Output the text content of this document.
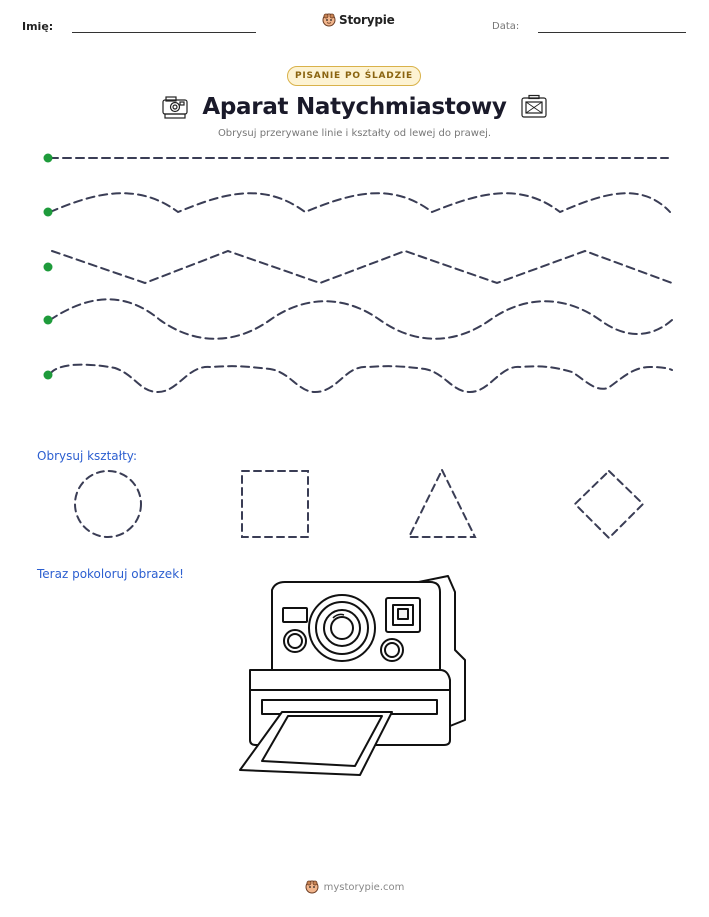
Imię:	Storypie	Data:
PISANIE PO ŚLADZIE
Aparat Natychmiastowy
Obrysuj przerywane linie i kształty od lewej do prawej.
Obrysuj kształty:
Teraz pokoloruj obrazek!
mystorypie.com
